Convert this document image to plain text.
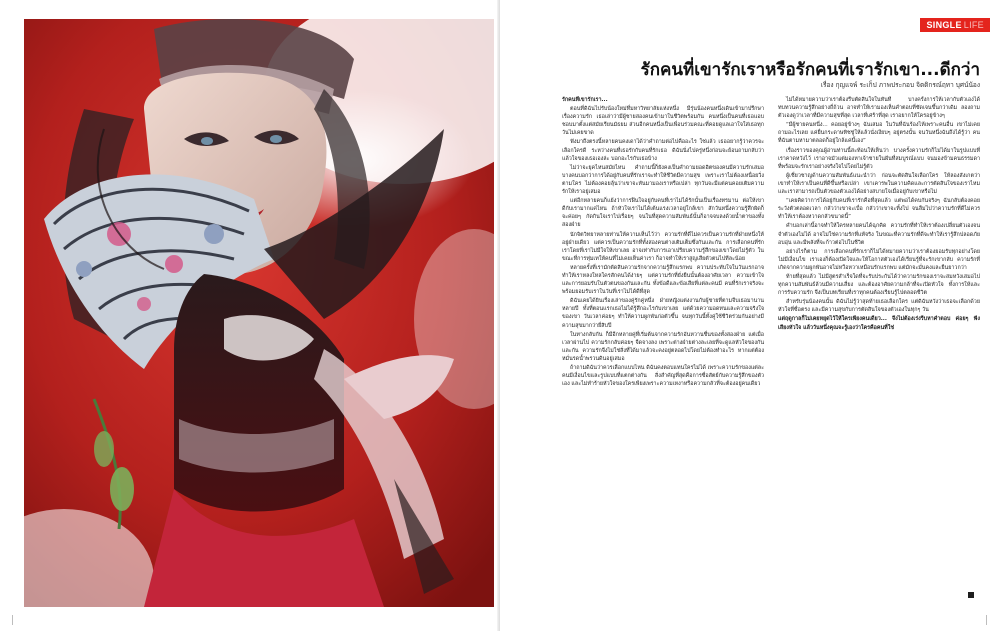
SINGLE LIFE
รักคนที่เขารักเราหรือรักคนที่เรารักเขา...ดีกว่า
เรื่อง กุญแจพ์ ระเก็ป ภาพประกอบ จิตติกรณ์ฤทา บุศน์น้อง

รักคนที่เขารักเรา...

ตอนที่ดิฉันไปรับน้องใหม่ที่มหาวิทยาลัยแห่งหนึ่ง มีรุ่นน้องคนหนึ่งเดินเข้ามาปรึกษาเรื่องความรัก เธอเล่าว่ามีผู้ชายสองคนเข้ามาในชีวิตพร้อมกัน คนหนึ่งเป็นคนที่เธอแอบชอบมาตั้งแต่สมัยเรียนมัธยม ส่วนอีกคนหนึ่งเป็นเพื่อนร่วมคณะที่คอยดูแลเอาใจใส่เธอทุกวันไม่เคยขาด

ฟังมาถึงตรงนี้หลายคนคงเดาได้ว่าคำถามต่อไปคืออะไร ใช่แล้ว เธออยากรู้ว่าควรจะเลือกใครดี ระหว่างคนที่เธอรักกับคนที่รักเธอ ดิฉันนิ่งไปครู่หนึ่งก่อนจะย้อนถามกลับว่าแล้วใจของเธอเองล่ะ บอกอะไรกับเธอบ้าง

ไม่ว่าจะยุคไหนสมัยไหน คำถามนี้ก็ยังคงเป็นคำถามยอดฮิตของคนมีความรักเสมอ บางคนบอกว่าการได้อยู่กับคนที่รักเราจะทำให้ชีวิตมีความสุข เพราะเราไม่ต้องเหนื่อยวิ่งตามใคร ไม่ต้องคอยลุ้นว่าเขาจะหันมามองเราหรือเปล่า ทุกวันจะมีแต่คนคอยเติมความรักให้เราอยู่เสมอ

แต่อีกหลายคนก็แย้งว่าการฝืนใจอยู่กับคนที่เราไม่ได้รักนั้นเป็นเรื่องทรมาน ต่อให้เขาดีกับเรามากแค่ไหน ถ้าหัวใจเราไม่ได้เต้นแรงเวลาอยู่ใกล้เขา สักวันหนึ่งความรู้สึกผิดก็จะค่อยๆ กัดกินใจเราไปเรื่อยๆ จนในที่สุดความสัมพันธ์นั้นก็อาจจบลงด้วยน้ำตาของทั้งสองฝ่าย

นักจิตวิทยาหลายท่านให้ความเห็นไว้ว่า ความรักที่ดีไม่ควรเป็นความรักที่ฝ่ายหนึ่งให้อยู่ฝ่ายเดียว แต่ควรเป็นความรักที่ทั้งสองคนต่างเติมเต็มซึ่งกันและกัน การเลือกคนที่รักเราโดยที่เราไม่มีใจให้เขาเลย อาจเท่ากับการเอาเปรียบความรู้สึกของเขาโดยไม่รู้ตัว ในขณะที่การทุ่มเทให้คนที่ไม่เคยเห็นค่าเรา ก็อาจทำให้เราสูญเสียตัวตนไปทีละน้อย

หลายครั้งที่เรามักตัดสินความรักจากความรู้สึกแรกพบ ความประทับใจในวันแรกอาจทำให้เราหลงใหลใครสักคนได้ง่ายๆ แต่ความรักที่ยั่งยืนนั้นต้องอาศัยเวลา ความเข้าใจ และการยอมรับในตัวตนของกันและกัน ทั้งข้อดีและข้อเสียที่แต่ละคนมี คนที่รักเราจริงจะพร้อมยอมรับเราในวันที่เราไม่ได้ดีที่สุด

ดิฉันเคยได้ยินเรื่องเล่าของคู่รักคู่หนึ่ง ฝ่ายหญิงแต่งงานกับผู้ชายที่ตามจีบเธอมานานหลายปี ทั้งที่ตอนแรกเธอไม่ได้รู้สึกอะไรกับเขาเลย แต่ด้วยความอดทนและความจริงใจของเขา วันเวลาค่อยๆ ทำให้ความผูกพันก่อตัวขึ้น จนทุกวันนี้ทั้งคู่ใช้ชีวิตร่วมกันอย่างมีความสุขมากว่ายี่สิบปี

ในทางกลับกัน ก็มีอีกหลายคู่ที่เริ่มต้นจากความรักอันหวานชื่นของทั้งสองฝ่าย แต่เมื่อเวลาผ่านไป ความรักกลับค่อยๆ จืดจางลง เพราะต่างฝ่ายต่างละเลยที่จะดูแลหัวใจของกันและกัน ความรักจึงไม่ใช่สิ่งที่ได้มาแล้วจะคงอยู่ตลอดไปโดยไม่ต้องทำอะไร หากแต่ต้องหมั่นรดน้ำพรวนดินอยู่เสมอ

ถ้าถามดิฉันว่าควรเลือกแบบไหน ดิฉันคงตอบแทนใครไม่ได้ เพราะความรักของแต่ละคนมีเงื่อนไขและรูปแบบที่แตกต่างกัน สิ่งสำคัญที่สุดคือการซื่อสัตย์กับความรู้สึกของตัวเอง และไม่ทำร้ายหัวใจของใครเพียงเพราะความเหงาหรือความกลัวที่จะต้องอยู่คนเดียว

ไม่ได้หมายความว่าเราต้องรีบตัดสินใจในทันที บางครั้งการให้เวลากับตัวเองได้ทบทวนความรู้สึกอย่างถี่ถ้วน อาจทำให้เรามองเห็นคำตอบที่ชัดเจนขึ้นกว่าเดิม ลองถามตัวเองดูว่าเวลาที่มีความสุขที่สุด เวลาที่เศร้าที่สุด เราอยากให้ใครอยู่ข้างๆ

“มีผู้ชายคนหนึ่ง... คอยอยู่ข้างๆ ฉันเสมอ ในวันที่ฉันร้องไห้เพราะคนอื่น เขาไม่เคยถามอะไรเลย แค่ยื่นกระดาษทิชชู่ให้แล้วนั่งเงียบๆ อยู่ตรงนั้น จนวันหนึ่งฉันถึงได้รู้ว่า คนที่ฉันตามหามาตลอดก็อยู่ใกล้แค่นี้เอง”

เรื่องราวของคุณผู้อ่านท่านนี้สะท้อนให้เห็นว่า บางครั้งความรักก็ไม่ได้มาในรูปแบบที่เราคาดหวังไว้ เราอาจมัวแต่มองหาเจ้าชายในฝันที่สมบูรณ์แบบ จนมองข้ามคนธรรมดาที่พร้อมจะรักเราอย่างจริงใจไปโดยไม่รู้ตัว

ผู้เชี่ยวชาญด้านความสัมพันธ์แนะนำว่า ก่อนจะตัดสินใจเลือกใคร ให้ลองสังเกตว่าเขาทำให้เราเป็นคนที่ดีขึ้นหรือเปล่า เขาเคารพในความคิดและการตัดสินใจของเราไหม และเราสามารถเป็นตัวของตัวเองได้อย่างสบายใจเมื่ออยู่กับเขาหรือไม่

“เคยคิดว่าการได้อยู่กับคนที่เรารักคือที่สุดแล้ว แต่พอได้คบกันจริงๆ ฉันกลับต้องคอยระวังตัวตลอดเวลา กลัวว่าเขาจะเบื่อ กลัวว่าเขาจะทิ้งไป จนลืมไปว่าความรักที่ดีไม่ควรทำให้เราต้องหวาดกลัวขนาดนี้”

คำบอกเล่านี้อาจทำให้ใครหลายคนได้ฉุกคิด ความรักที่ทำให้เราต้องเปลี่ยนตัวเองจนจำตัวเองไม่ได้ อาจไม่ใช่ความรักที่แท้จริง ในขณะที่ความรักที่ดีจะทำให้เรารู้สึกปลอดภัย อบอุ่น และมีพลังที่จะก้าวต่อไปในชีวิต

อย่างไรก็ตาม การเลือกคนที่รักเราก็ไม่ได้หมายความว่าเราต้องยอมรับทุกอย่างโดยไม่มีเงื่อนไข เราเองก็ต้องเปิดใจและให้โอกาสตัวเองได้เรียนรู้ที่จะรักเขากลับ ความรักที่เกิดจากความผูกพันอาจไม่หวือหวาเหมือนรักแรกพบ แต่มักจะมั่นคงและยืนยาวกว่า

ท้ายที่สุดแล้ว ไม่มีสูตรสำเร็จใดที่จะรับประกันได้ว่าความรักของเราจะสมหวังเสมอไป ทุกความสัมพันธ์ล้วนมีความเสี่ยง และต้องอาศัยความกล้าที่จะเปิดหัวใจ ทั้งการให้และการรับความรัก จึงเป็นบทเรียนที่เราทุกคนต้องเรียนรู้ไปตลอดชีวิต

สำหรับรุ่นน้องคนนั้น ดิฉันไม่รู้ว่าสุดท้ายเธอเลือกใคร แต่ดิฉันหวังว่าเธอจะเลือกด้วยหัวใจที่ซื่อตรง และมีความสุขกับการตัดสินใจของตัวเองในทุกๆ วัน

แต่ฤดูกาลก็ไม่เคยหยุดไว้ให้ใครเพียงคนเดียว... จึงไม่ต้องเร่งรีบหาคำตอบ ค่อยๆ ฟังเสียงหัวใจ แล้ววันหนึ่งคุณจะรู้เองว่าใครคือคนที่ใช่
